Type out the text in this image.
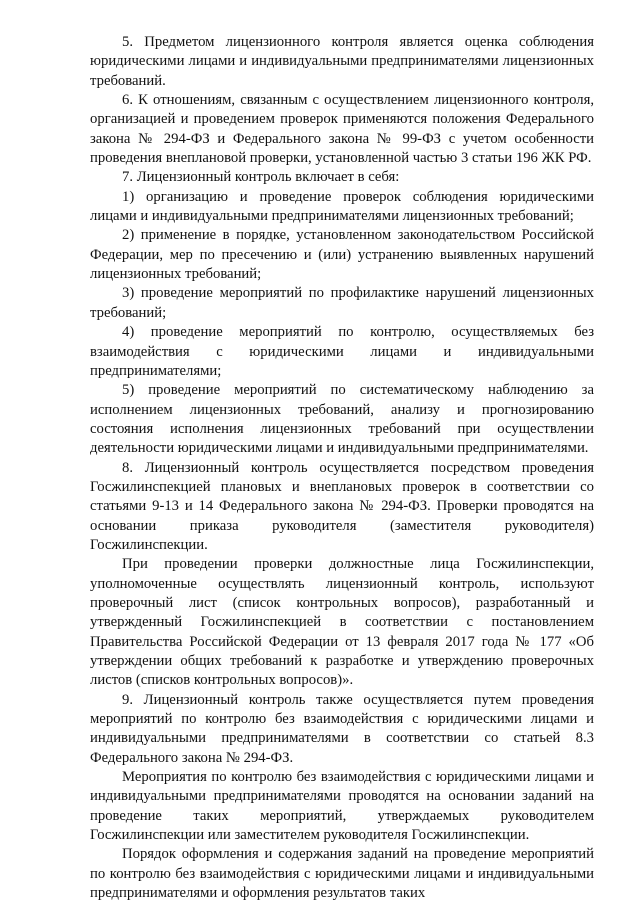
5. Предметом лицензионного контроля является оценка соблюдения юридическими лицами и индивидуальными предпринимателями лицензионных требований.

6. К отношениям, связанным с осуществлением лицензионного контроля, организацией и проведением проверок применяются положения Федерального закона № 294-ФЗ и Федерального закона № 99-ФЗ с учетом особенности проведения внеплановой проверки, установленной частью 3 статьи 196 ЖК РФ.

7. Лицензионный контроль включает в себя:

1) организацию и проведение проверок соблюдения юридическими лицами и индивидуальными предпринимателями лицензионных требований;

2) применение в порядке, установленном законодательством Российской Федерации, мер по пресечению и (или) устранению выявленных нарушений лицензионных требований;

3) проведение мероприятий по профилактике нарушений лицензионных требований;

4) проведение мероприятий по контролю, осуществляемых без взаимодействия с юридическими лицами и индивидуальными предпринимателями;

5) проведение мероприятий по систематическому наблюдению за исполнением лицензионных требований, анализу и прогнозированию состояния исполнения лицензионных требований при осуществлении деятельности юридическими лицами и индивидуальными предпринимателями.

8. Лицензионный контроль осуществляется посредством проведения Госжилинспекцией плановых и внеплановых проверок в соответствии со статьями 9-13 и 14 Федерального закона № 294-ФЗ. Проверки проводятся на основании приказа руководителя (заместителя руководителя) Госжилинспекции.

При проведении проверки должностные лица Госжилинспекции, уполномоченные осуществлять лицензионный контроль, используют проверочный лист (список контрольных вопросов), разработанный и утвержденный Госжилинспекцией в соответствии с постановлением Правительства Российской Федерации от 13 февраля 2017 года № 177 «Об утверждении общих требований к разработке и утверждению проверочных листов (списков контрольных вопросов)».

9. Лицензионный контроль также осуществляется путем проведения мероприятий по контролю без взаимодействия с юридическими лицами и индивидуальными предпринимателями в соответствии со статьей 8.3 Федерального закона № 294-ФЗ.

Мероприятия по контролю без взаимодействия с юридическими лицами и индивидуальными предпринимателями проводятся на основании заданий на проведение таких мероприятий, утверждаемых руководителем Госжилинспекции или заместителем руководителя Госжилинспекции.

Порядок оформления и содержания заданий на проведение мероприятий по контролю без взаимодействия с юридическими лицами и индивидуальными предпринимателями и оформления результатов таких
